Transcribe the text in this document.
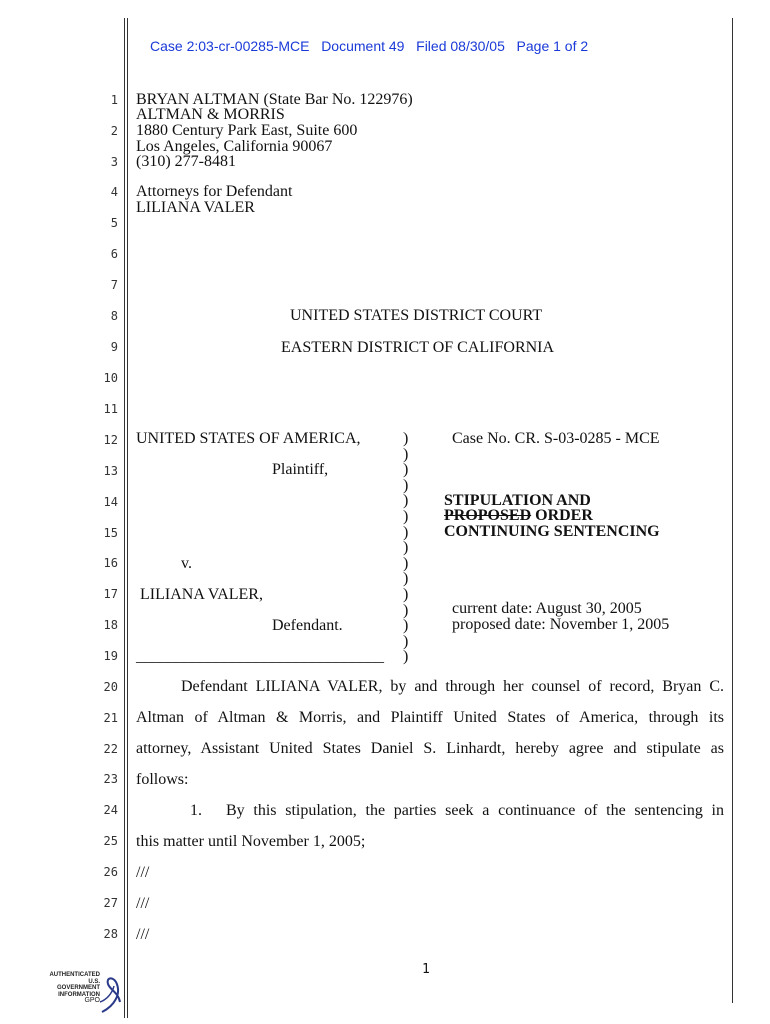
Case 2:03-cr-00285-MCE Document 49 Filed 08/30/05 Page 1 of 2
1
2
3
4
5
6
7
8
9
10
11
12
13
14
15
16
17
18
19
20
21
22
23
24
25
26
27
28
BRYAN ALTMAN (State Bar No. 122976)
ALTMAN & MORRIS
1880 Century Park East, Suite 600
Los Angeles, California 90067
(310) 277-8481
Attorneys for Defendant
LILIANA VALER
UNITED STATES DISTRICT COURT
EASTERN DISTRICT OF CALIFORNIA
UNITED STATES OF AMERICA,
Plaintiff,
v.
LILIANA VALER,
Defendant.
_______________________________
)
)
)
)
)
)
)
)
)
)
)
)
)
)
)
Case No. CR. S-03-0285 - MCE
STIPULATION AND
PROPOSED ORDER
CONTINUING SENTENCING
current date: August 30, 2005
proposed date: November 1, 2005
Defendant LILIANA VALER, by and through her counsel of record, Bryan C.
Altman of Altman & Morris, and Plaintiff United States of America, through its
attorney, Assistant United States Daniel S. Linhardt, hereby agree and stipulate as
follows:
1. By this stipulation, the parties seek a continuance of the sentencing in
this matter until November 1, 2005;
///
///
///
1
AUTHENTICATED
U.S. GOVERNMENT
INFORMATION
GPO
